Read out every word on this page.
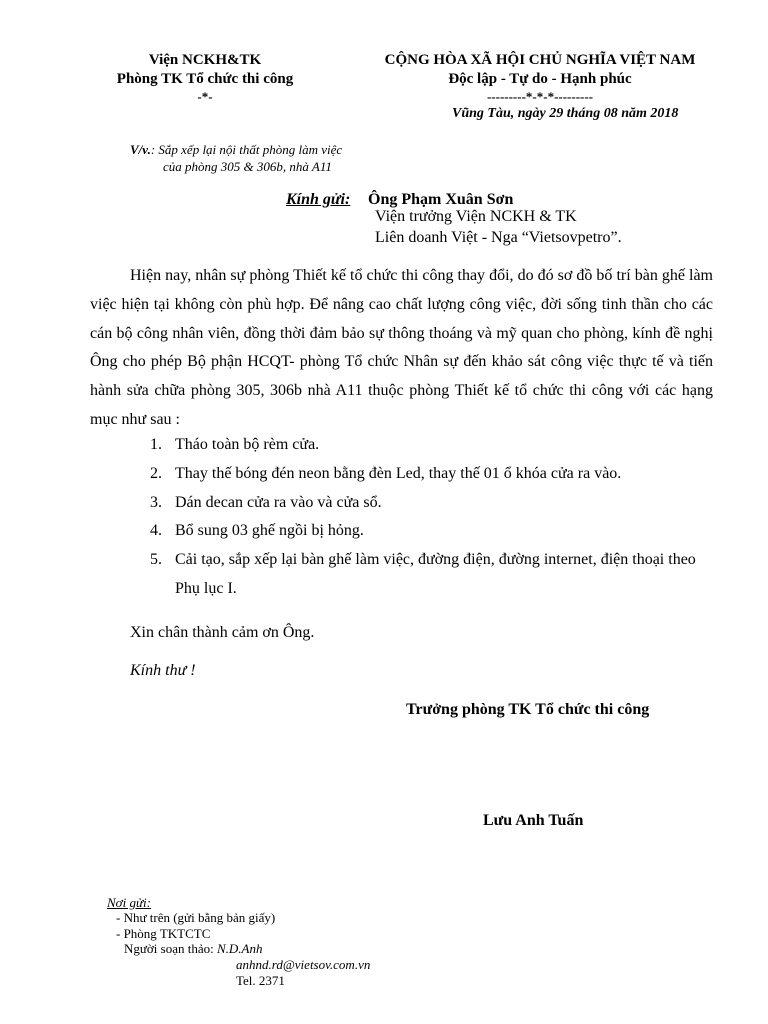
Viện NCKH&TK
Phòng TK Tổ chức thi công
-*-
CỘNG HÒA XÃ HỘI CHỦ NGHĨA VIỆT NAM
Độc lập - Tự do - Hạnh phúc
---------*-*-*---------
Vũng Tàu, ngày 29 tháng 08 năm 2018
V/v.: Sắp xếp lại nội thất phòng làm việc
của phòng 305 & 306b, nhà A11
Kính gửi: Ông Phạm Xuân Sơn
Viện trưởng Viện NCKH & TK
Liên doanh Việt - Nga “Vietsovpetro”.
Hiện nay, nhân sự phòng Thiết kế tổ chức thi công thay đổi, do đó sơ đồ bố trí bàn ghế làm việc hiện tại không còn phù hợp. Để nâng cao chất lượng công việc, đời sống tinh thần cho các cán bộ công nhân viên, đồng thời đảm bảo sự thông thoáng và mỹ quan cho phòng, kính đề nghị Ông cho phép Bộ phận HCQT- phòng Tổ chức Nhân sự đến khảo sát công việc thực tế và tiến hành sửa chữa phòng 305, 306b nhà A11 thuộc phòng Thiết kế tổ chức thi công với các hạng mục như sau :
1. Tháo toàn bộ rèm cửa.
2. Thay thế bóng đén neon bằng đèn Led, thay thế 01 ổ khóa cửa ra vào.
3. Dán decan cửa ra vào và cửa sổ.
4. Bổ sung 03 ghế ngồi bị hỏng.
5. Cải tạo, sắp xếp lại bàn ghế làm việc, đường điện, đường internet, điện thoại theo Phụ lục I.
Xin chân thành cảm ơn Ông.
Kính thư !
Trưởng phòng TK Tổ chức thi công
Lưu Anh Tuấn
Nơi gửi:
- Như trên (gửi bằng bản giấy)
- Phòng TKTCTC
Người soạn thảo: N.D.Anh
anhnd.rd@vietsov.com.vn
Tel. 2371
